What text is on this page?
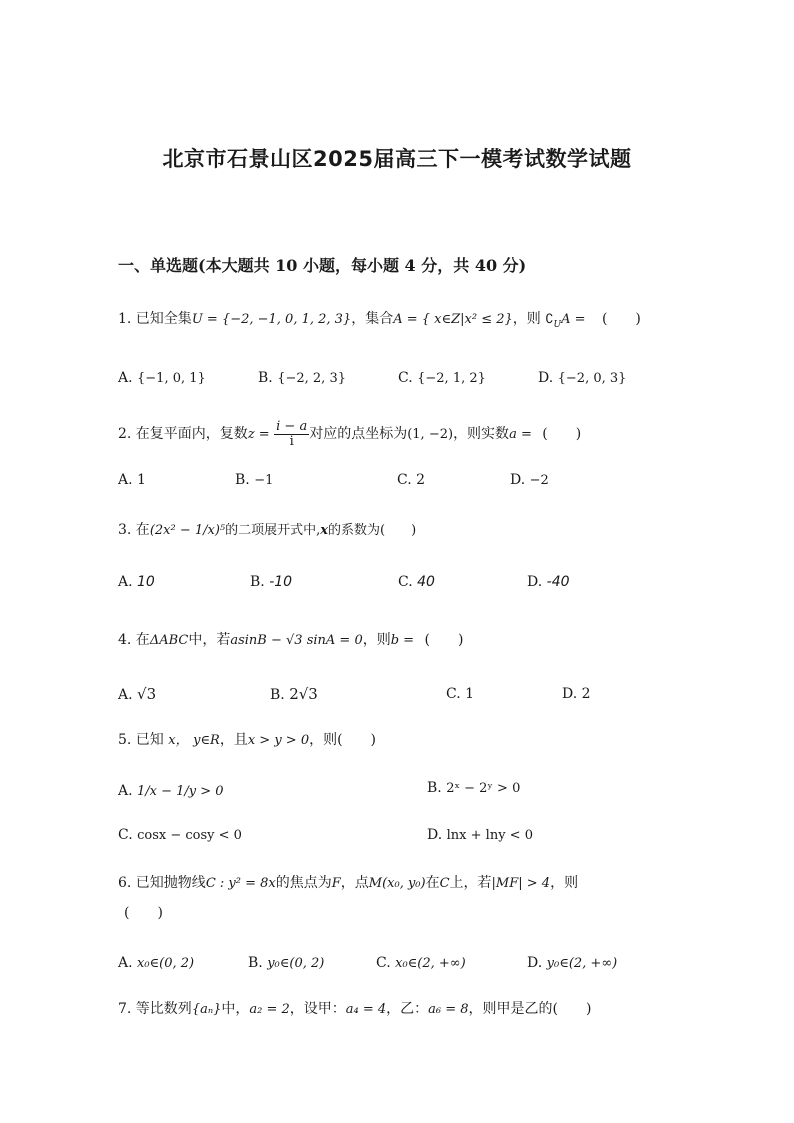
北京市石景山区2025届高三下一模考试数学试题
一、单选题(本大题共 10 小题，每小题 4 分，共 40 分)
1. 已知全集U = {−2, −1, 0, 1, 2, 3}，集合A = { x∈Z|x² ≤ 2}，则 $∁_UA$ = (　　)
A. {−1, 0, 1}	B. {−2, 2, 3}	C. {−2, 1, 2}	D. {−2, 0, 3}
2. 在复平面内，复数$z = \frac{i - a}{i}$ 对应的点坐标为(1, −2)，则实数a = (　　)
A. 1	B. −1	C. 2	D. −2
3. 在(2x² − 1/x)⁵的二项展开式中,x的系数为(　　)
A. 10	B. -10	C. 40	D. -40
4. 在ΔABC中，若asinB − √3 sinA = 0，则b = (　　)
A. √3	B. 2√3	C. 1	D. 2
5. 已知 x， y∈R，且x > y > 0，则(　　)
A. 1/x − 1/y > 0	B. 2ˣ − 2ʸ > 0
C. cosx − cosy < 0	D. lnx + lny < 0
6. 已知抛物线C : y² = 8x的焦点为F，点M(x₀, y₀)在C上，若|MF| > 4，则
(　　)
A. x₀∈(0, 2)	B. y₀∈(0, 2)	C. x₀∈(2, +∞)	D. y₀∈(2, +∞)
7. 等比数列{aₙ}中，a₂ = 2，设甲：a₄ = 4，乙：a₆ = 8，则甲是乙的(　　)
